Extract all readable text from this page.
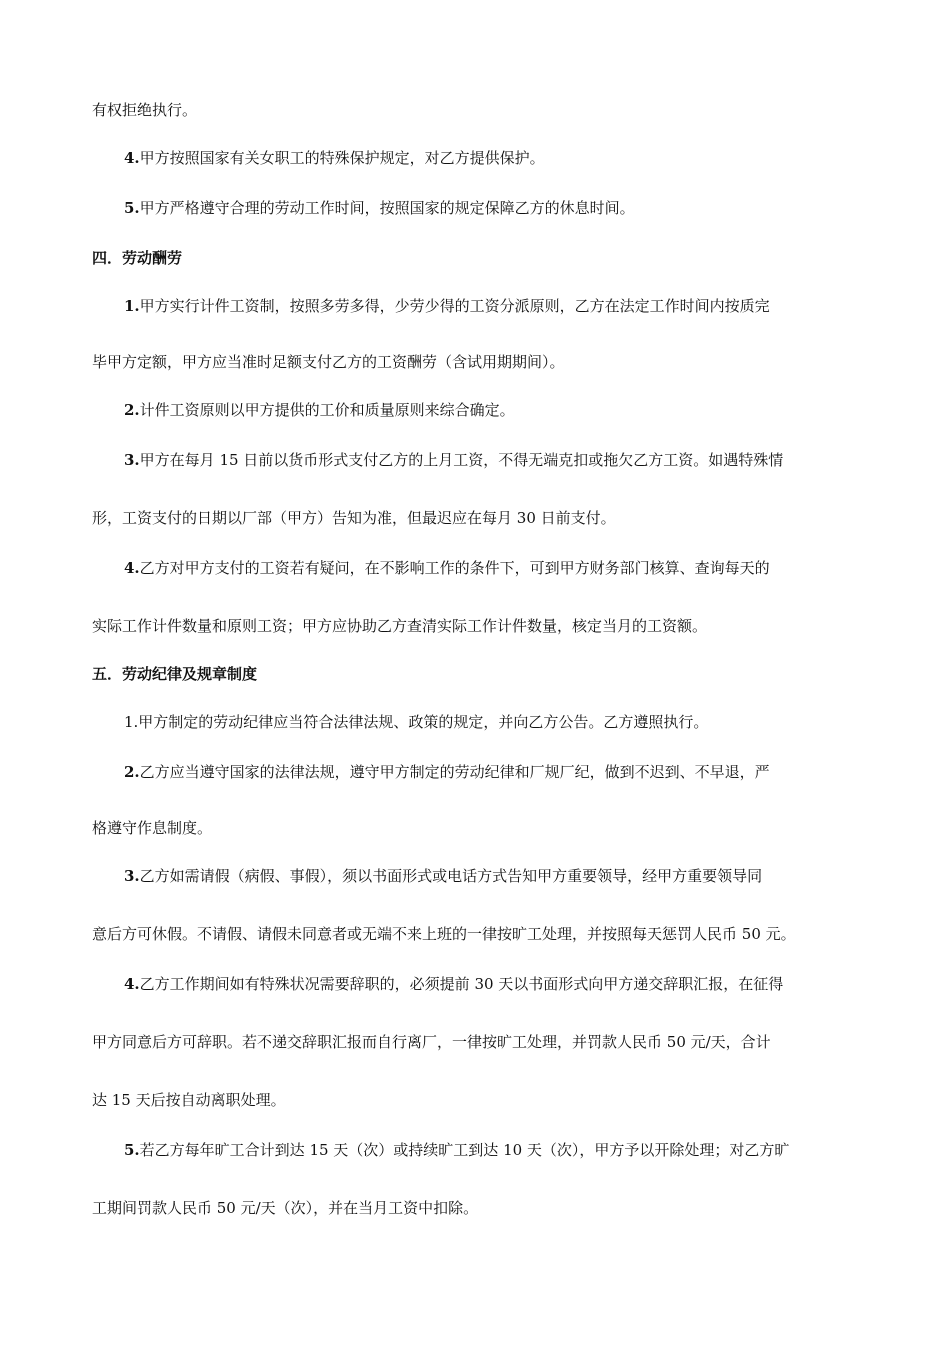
有权拒绝执行。
4.甲方按照国家有关女职工的特殊保护规定，对乙方提供保护。
5.甲方严格遵守合理的劳动工作时间，按照国家的规定保障乙方的休息时间。
四．劳动酬劳
1.甲方实行计件工资制，按照多劳多得，少劳少得的工资分派原则，乙方在法定工作时间内按质完
毕甲方定额，甲方应当准时足额支付乙方的工资酬劳（含试用期期间）。
2.计件工资原则以甲方提供的工价和质量原则来综合确定。
3.甲方在每月 15 日前以货币形式支付乙方的上月工资，不得无端克扣或拖欠乙方工资。如遇特殊情
形，工资支付的日期以厂部（甲方）告知为准，但最迟应在每月 30 日前支付。
4.乙方对甲方支付的工资若有疑问，在不影响工作的条件下，可到甲方财务部门核算、查询每天的
实际工作计件数量和原则工资；甲方应协助乙方查清实际工作计件数量，核定当月的工资额。
五．劳动纪律及规章制度
1.甲方制定的劳动纪律应当符合法律法规、政策的规定，并向乙方公告。乙方遵照执行。
2.乙方应当遵守国家的法律法规，遵守甲方制定的劳动纪律和厂规厂纪，做到不迟到、不早退，严
格遵守作息制度。
3.乙方如需请假（病假、事假），须以书面形式或电话方式告知甲方重要领导，经甲方重要领导同
意后方可休假。不请假、请假未同意者或无端不来上班的一律按旷工处理，并按照每天惩罚人民币 50 元。
4.乙方工作期间如有特殊状况需要辞职的，必须提前 30 天以书面形式向甲方递交辞职汇报，在征得
甲方同意后方可辞职。若不递交辞职汇报而自行离厂，一律按旷工处理，并罚款人民币 50 元/天，合计
达 15 天后按自动离职处理。
5.若乙方每年旷工合计到达 15 天（次）或持续旷工到达 10 天（次），甲方予以开除处理；对乙方旷
工期间罚款人民币 50 元/天（次），并在当月工资中扣除。
